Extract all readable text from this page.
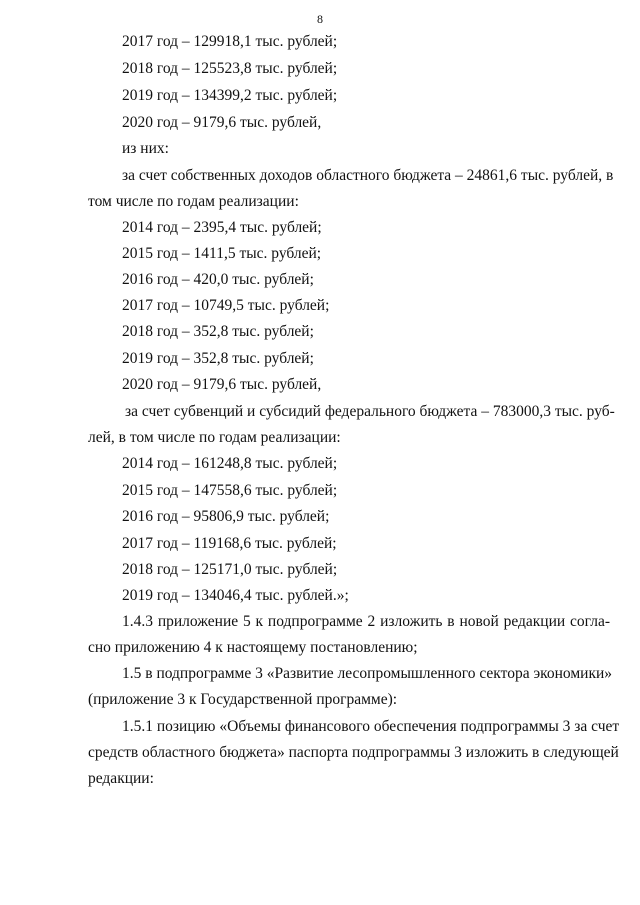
8
2017 год – 129918,1 тыс. рублей;
2018 год – 125523,8 тыс. рублей;
2019 год – 134399,2 тыс. рублей;
2020 год – 9179,6 тыс. рублей,
из них:
за счет собственных доходов областного бюджета – 24861,6 тыс. рублей, в
том числе по годам реализации:
2014 год – 2395,4 тыс. рублей;
2015 год – 1411,5 тыс. рублей;
2016 год – 420,0 тыс. рублей;
2017 год – 10749,5 тыс. рублей;
2018 год – 352,8 тыс. рублей;
2019 год – 352,8 тыс. рублей;
2020 год – 9179,6 тыс. рублей,
за счет субвенций и субсидий федерального бюджета – 783000,3 тыс. руб-
лей, в том числе по годам реализации:
2014 год – 161248,8 тыс. рублей;
2015 год – 147558,6 тыс. рублей;
2016 год – 95806,9 тыс. рублей;
2017 год – 119168,6 тыс. рублей;
2018 год – 125171,0 тыс. рублей;
2019 год – 134046,4 тыс. рублей.»;
1.4.3 приложение 5 к подпрограмме 2 изложить в новой редакции согла-
сно приложению 4 к настоящему постановлению;
1.5 в подпрограмме 3 «Развитие лесопромышленного сектора экономики»
(приложение 3 к Государственной программе):
1.5.1 позицию «Объемы финансового обеспечения подпрограммы 3 за счет
средств областного бюджета» паспорта подпрограммы 3 изложить в следующей
редакции:
